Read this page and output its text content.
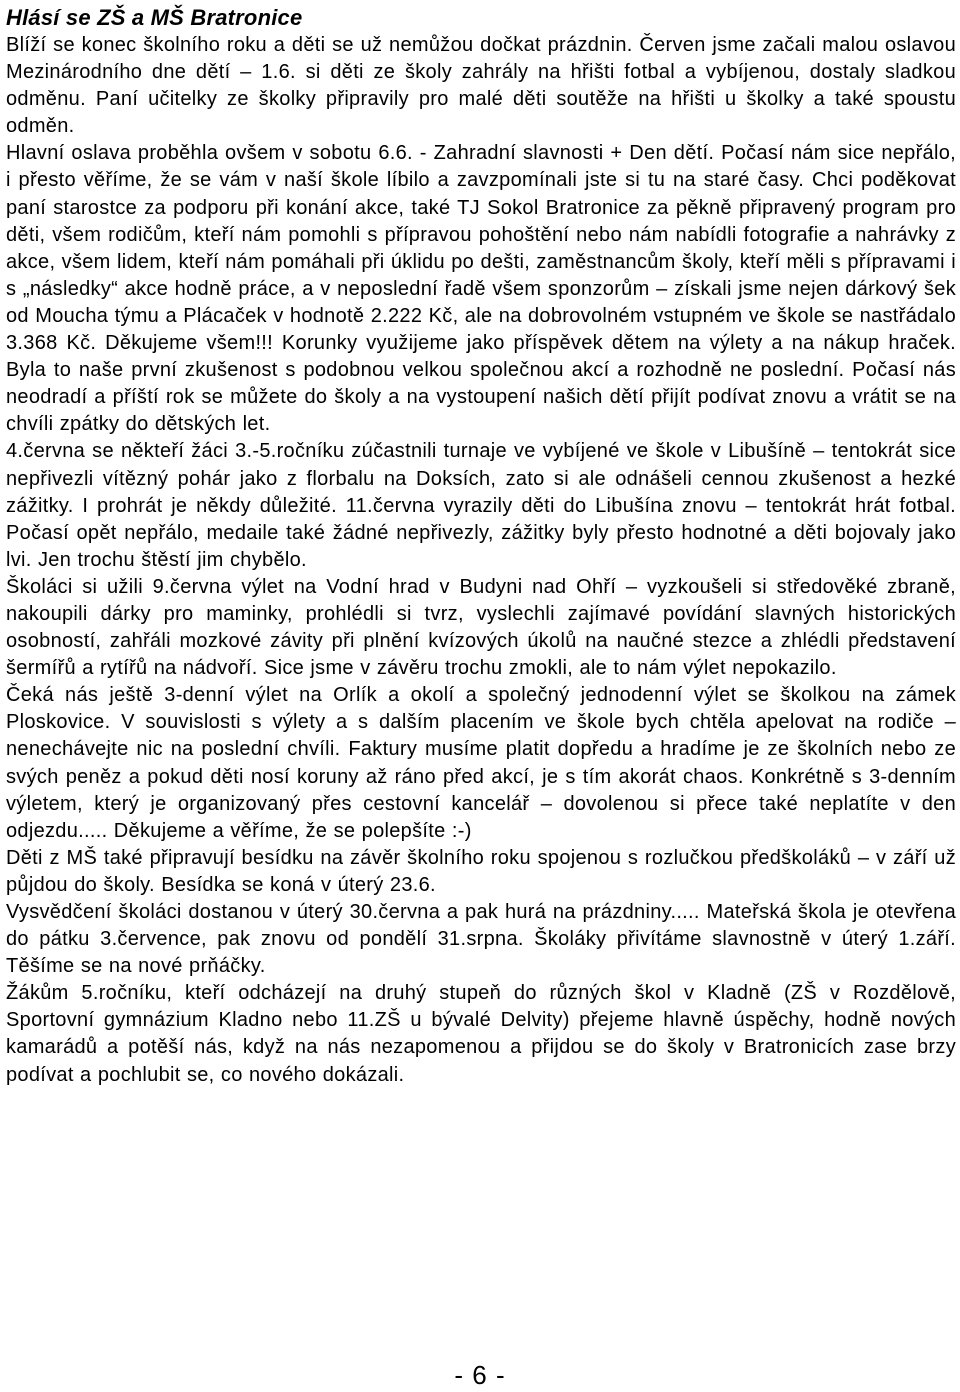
Hlásí se ZŠ a MŠ Bratronice

Blíží se konec školního roku a děti se už nemůžou dočkat prázdnin. Červen jsme začali malou oslavou Mezinárodního dne dětí – 1.6. si děti ze školy zahrály na hřišti fotbal a vybíjenou, dostaly sladkou odměnu. Paní učitelky ze školky připravily pro malé děti soutěže na hřišti u školky a také spoustu odměn.

Hlavní oslava proběhla ovšem v sobotu 6.6. - Zahradní slavnosti + Den dětí. Počasí nám sice nepřálo, i přesto věříme, že se vám v naší škole líbilo a zavzpomínali jste si tu na staré časy. Chci poděkovat paní starostce za podporu při konání akce, také TJ Sokol Bratronice za pěkně připravený program pro děti, všem rodičům, kteří nám pomohli s přípravou pohoštění nebo nám nabídli fotografie a nahrávky z akce, všem lidem, kteří nám pomáhali při úklidu po dešti, zaměstnancům školy, kteří měli s přípravami i s „následky“ akce hodně práce, a v neposlední řadě všem sponzorům – získali jsme nejen dárkový šek od Moucha týmu a Plácaček v hodnotě 2.222 Kč, ale na dobrovolném vstupném ve škole se nastřádalo 3.368 Kč. Děkujeme všem!!! Korunky využijeme jako příspěvek dětem na výlety a na nákup hraček. Byla to naše první zkušenost s podobnou velkou společnou akcí a rozhodně ne poslední. Počasí nás neodradí a příští rok se můžete do školy a na vystoupení našich dětí přijít podívat znovu a vrátit se na chvíli zpátky do dětských let.

4.června se někteří žáci 3.-5.ročníku zúčastnili turnaje ve vybíjené ve škole v Libušíně – tentokrát sice nepřivezli vítězný pohár jako z florbalu na Doksích, zato si ale odnášeli cennou zkušenost a hezké zážitky. I prohrát je někdy důležité. 11.června vyrazily děti do Libušína znovu – tentokrát hrát fotbal. Počasí opět nepřálo, medaile také žádné nepřivezly, zážitky byly přesto hodnotné a děti bojovaly jako lvi. Jen trochu štěstí jim chybělo.

Školáci si užili 9.června výlet na Vodní hrad v Budyni nad Ohří – vyzkoušeli si středověké zbraně, nakoupili dárky pro maminky, prohlédli si tvrz, vyslechli zajímavé povídání slavných historických osobností, zahřáli mozkové závity při plnění kvízových úkolů na naučné stezce a zhlédli představení šermířů a rytířů na nádvoří. Sice jsme v závěru trochu zmokli, ale to nám výlet nepokazilo.

Čeká nás ještě 3-denní výlet na Orlík a okolí a společný jednodenní výlet se školkou na zámek Ploskovice. V souvislosti s výlety a s dalším placením ve škole bych chtěla apelovat na rodiče – nenechávejte nic na poslední chvíli. Faktury musíme platit dopředu a hradíme je ze školních nebo ze svých peněz a pokud děti nosí koruny až ráno před akcí, je s tím akorát chaos. Konkrétně s 3-denním výletem, který je organizovaný přes cestovní kancelář – dovolenou si přece také neplatíte v den odjezdu..... Děkujeme a věříme, že se polepšíte :-)

Děti z MŠ také připravují besídku na závěr školního roku spojenou s rozlučkou předškoláků – v září už půjdou do školy. Besídka se koná v úterý 23.6.

Vysvědčení školáci dostanou v úterý 30.června a pak hurá na prázdniny..... Mateřská škola je otevřena do pátku 3.července, pak znovu od pondělí 31.srpna. Školáky přivítáme slavnostně v úterý 1.září. Těšíme se na nové prňáčky.

Žákům 5.ročníku, kteří odcházejí na druhý stupeň do různých škol v Kladně (ZŠ v Rozdělově, Sportovní gymnázium Kladno nebo 11.ZŠ u bývalé Delvity) přejeme hlavně úspěchy, hodně nových kamarádů a potěší nás, když na nás nezapomenou a přijdou se do školy v Bratronicích zase brzy podívat a pochlubit se, co nového dokázali.

- 6 -
